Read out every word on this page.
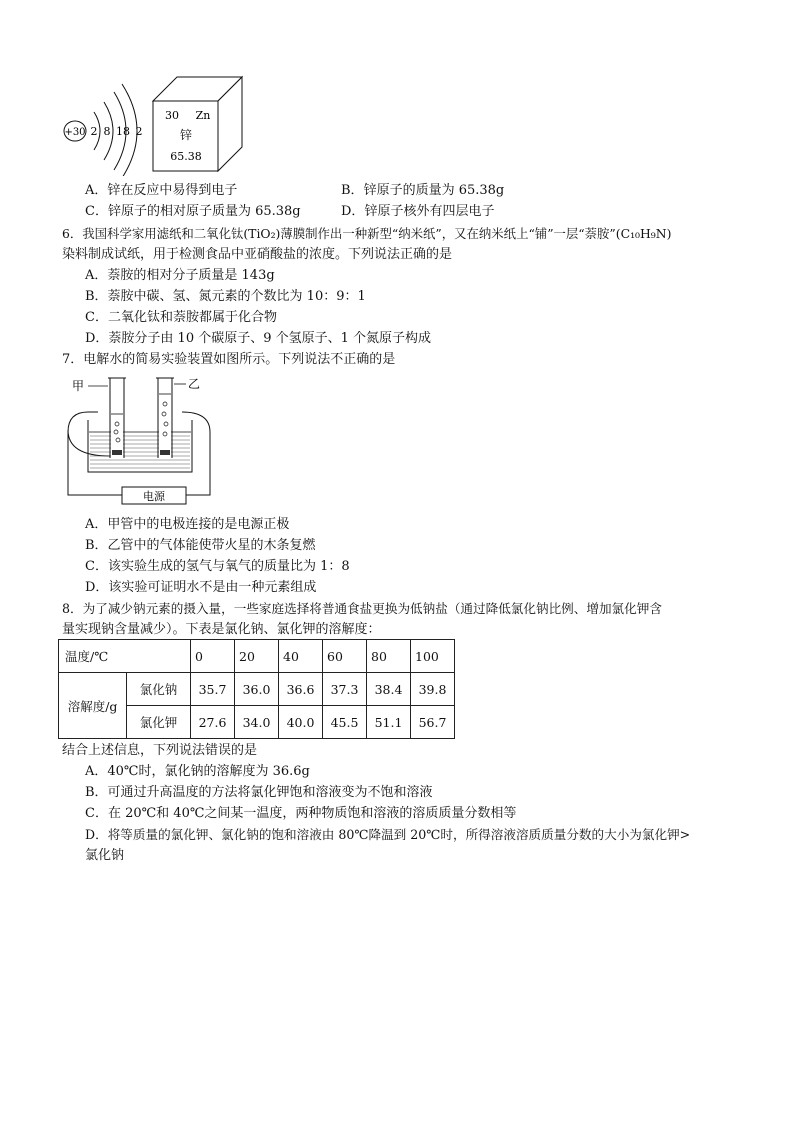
+30 2 8 18 2
30 Zn
锌
65.38
A．锌在反应中易得到电子	B．锌原子的质量为 65.38g
C．锌原子的相对原子质量为 65.38g	D．锌原子核外有四层电子
6．我国科学家用滤纸和二氧化钛(TiO₂)薄膜制作出一种新型“纳米纸”，又在纳米纸上“铺”一层“萘胺”(C₁₀H₉N)
染料制成试纸，用于检测食品中亚硝酸盐的浓度。下列说法正确的是
A．萘胺的相对分子质量是 143g
B．萘胺中碳、氢、氮元素的个数比为 10：9：1
C．二氧化钛和萘胺都属于化合物
D．萘胺分子由 10 个碳原子、9 个氢原子、1 个氮原子构成
7．电解水的简易实验装置如图所示。下列说法不正确的是
甲	乙
电源
A．甲管中的电极连接的是电源正极
B．乙管中的气体能使带火星的木条复燃
C．该实验生成的氢气与氧气的质量比为 1：8
D．该实验可证明水不是由一种元素组成
8．为了减少钠元素的摄入量，一些家庭选择将普通食盐更换为低钠盐（通过降低氯化钠比例、增加氯化钾含
量实现钠含量减少）。下表是氯化钠、氯化钾的溶解度：
温度/℃		0	20	40	60	80	100
溶解度/g	氯化钠	35.7	36.0	36.6	37.3	38.4	39.8
	氯化钾	27.6	34.0	40.0	45.5	51.1	56.7
结合上述信息，下列说法错误的是
A．40℃时，氯化钠的溶解度为 36.6g
B．可通过升高温度的方法将氯化钾饱和溶液变为不饱和溶液
C．在 20℃和 40℃之间某一温度，两种物质饱和溶液的溶质质量分数相等
D．将等质量的氯化钾、氯化钠的饱和溶液由 80℃降温到 20℃时，所得溶液溶质质量分数的大小为氯化钾>
氯化钠
